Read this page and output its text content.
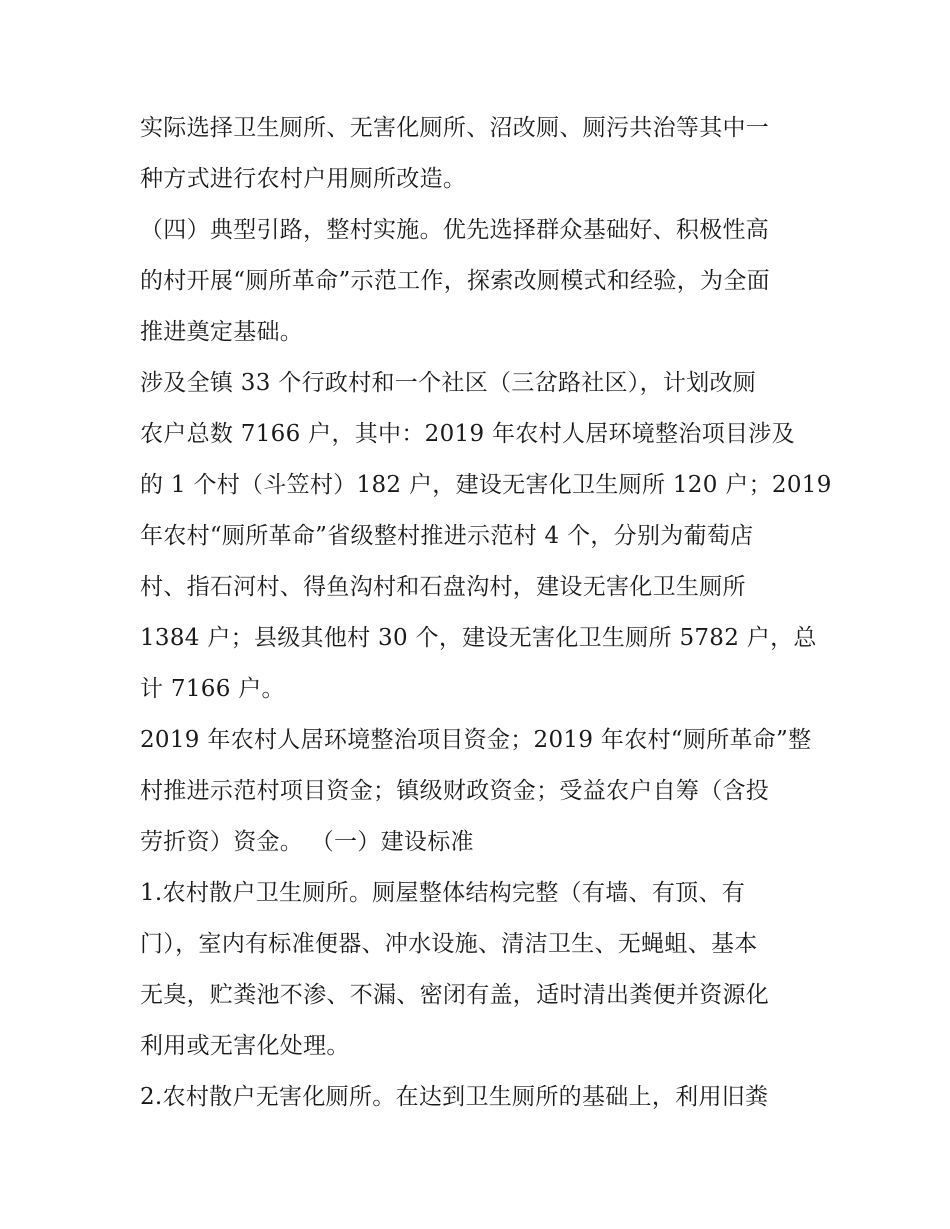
实际选择卫生厕所、无害化厕所、沼改厕、厕污共治等其中一
种方式进行农村户用厕所改造。
（四）典型引路，整村实施。优先选择群众基础好、积极性高
的村开展“厕所革命”示范工作，探索改厕模式和经验，为全面
推进奠定基础。
涉及全镇 33 个行政村和一个社区（三岔路社区），计划改厕
农户总数 7166 户，其中：2019 年农村人居环境整治项目涉及
的 1 个村（斗笠村）182 户，建设无害化卫生厕所 120 户；2019
年农村“厕所革命”省级整村推进示范村 4 个，分别为葡萄店
村、指石河村、得鱼沟村和石盘沟村，建设无害化卫生厕所
1384 户；县级其他村 30 个，建设无害化卫生厕所 5782 户，总
计 7166 户。
2019 年农村人居环境整治项目资金；2019 年农村“厕所革命”整
村推进示范村项目资金；镇级财政资金；受益农户自筹（含投
劳折资）资金。 （一）建设标准
1.农村散户卫生厕所。厕屋整体结构完整（有墙、有顶、有
门），室内有标准便器、冲水设施、清洁卫生、无蝇蛆、基本
无臭，贮粪池不渗、不漏、密闭有盖，适时清出粪便并资源化
利用或无害化处理。
2.农村散户无害化厕所。在达到卫生厕所的基础上，利用旧粪
